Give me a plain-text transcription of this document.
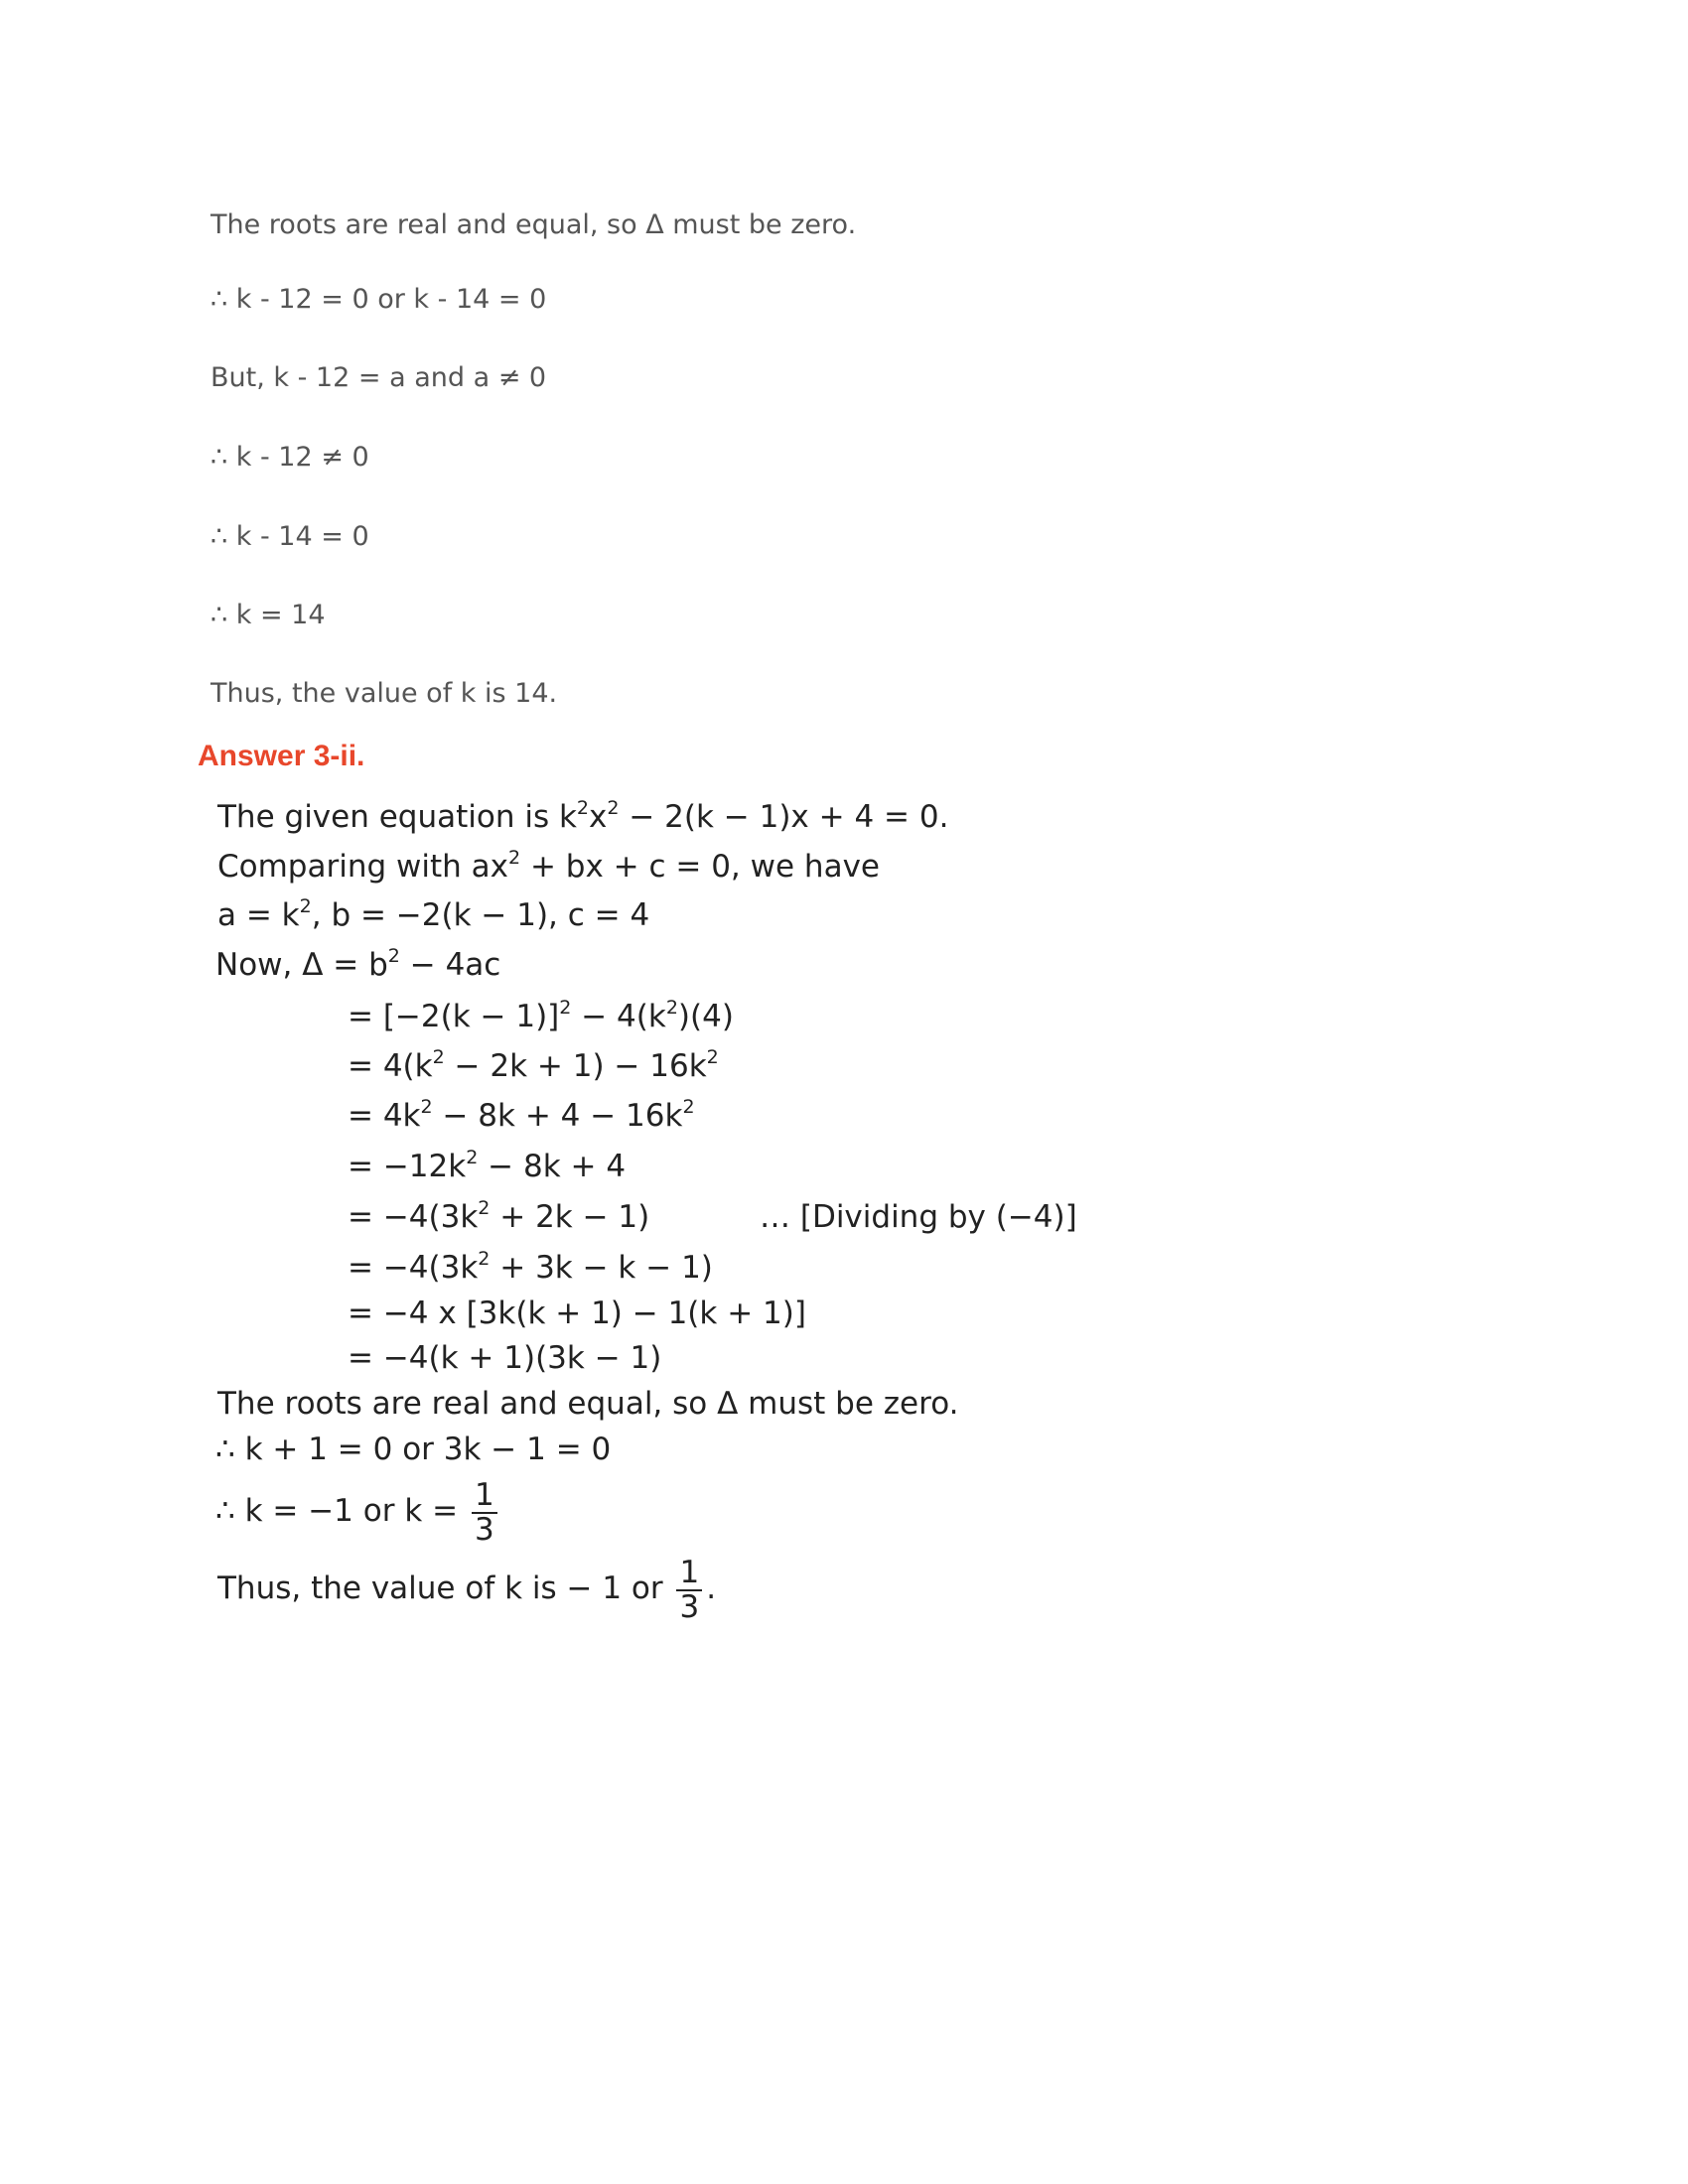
The roots are real and equal, so Δ must be zero.

∴ k - 12 = 0 or k - 14 = 0

But, k - 12 = a and a ≠ 0

∴ k - 12 ≠ 0

∴ k - 14 = 0

∴ k = 14

Thus, the value of k is 14.

Answer 3-ii.

The given equation is $k^2x^2 - 2(k - 1)x + 4 = 0$.

Comparing with $ax^2$ + bx + c = 0, we have

$a = k^2$, b = −2(k − 1), c = 4

Now, $\Delta = b^2 - 4ac$

= $[-2(k - 1)]^2 - 4(k^2)(4)$

= $4(k^2 - 2k + 1) - 16k^2$

= $4k^2 - 8k + 4 - 16k^2$

= $-12k^2 - 8k + 4$

= $-4(3k^2 + 2k - 1)$	… [Dividing by (−4)]

= $-4(3k^2 + 3k - k - 1)$

= −4 x [3k(k + 1) − 1(k + 1)]

= −4(k + 1)(3k − 1)

The roots are real and equal, so Δ must be zero.

∴ k + 1 = 0 or 3k − 1 = 0

∴ k = −1 or $k = \frac{1}{3}$

Thus, the value of k is − 1 or $\frac{1}{3}$ .
